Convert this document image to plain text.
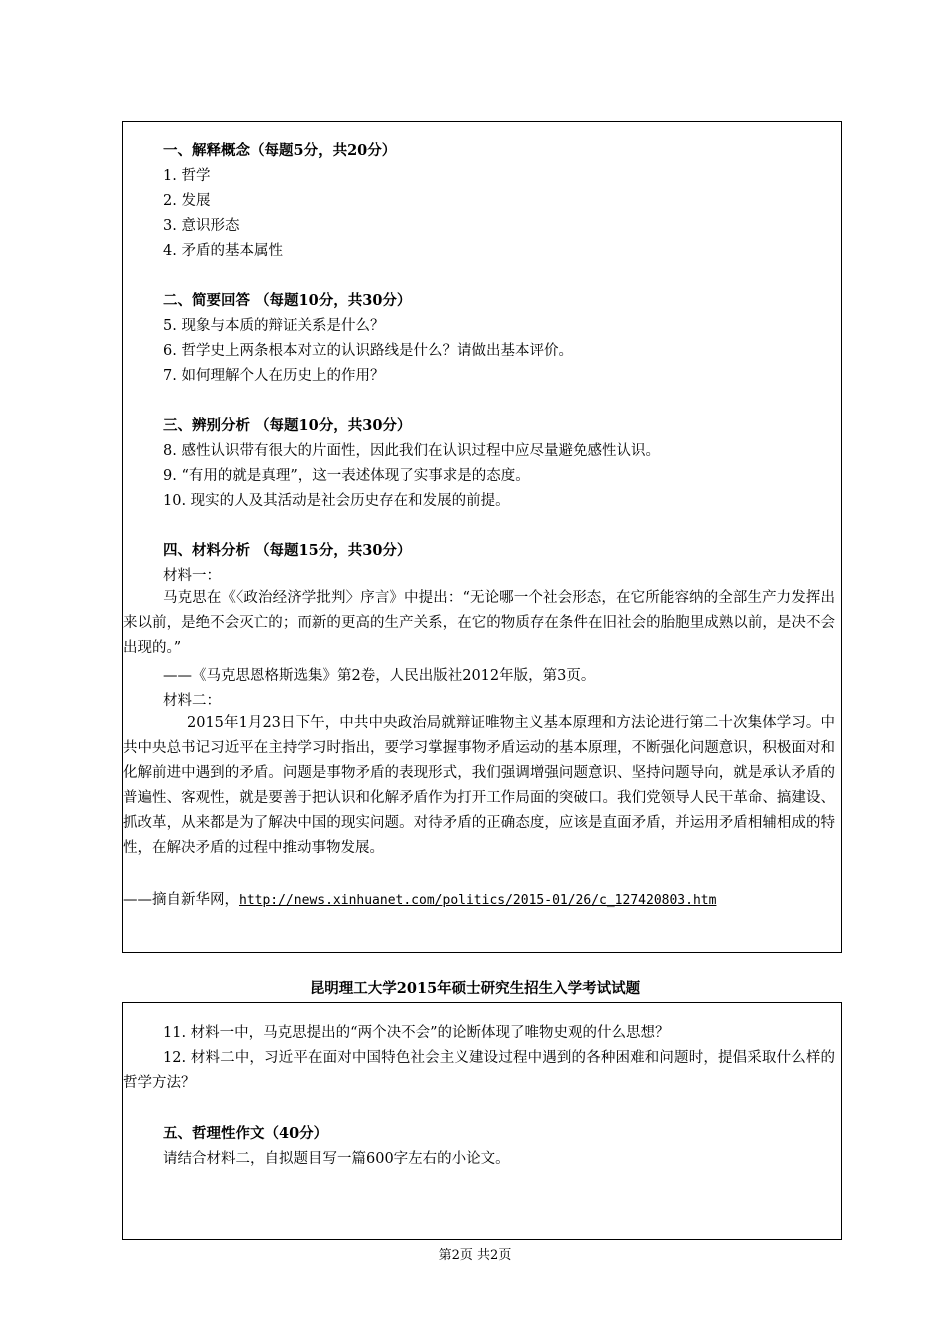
一、解释概念（每题5分，共20分）
1. 哲学
2. 发展
3. 意识形态
4. 矛盾的基本属性
二、简要回答 （每题10分，共30分）
5. 现象与本质的辩证关系是什么？
6. 哲学史上两条根本对立的认识路线是什么？请做出基本评价。
7. 如何理解个人在历史上的作用？
三、辨别分析 （每题10分，共30分）
8. 感性认识带有很大的片面性，因此我们在认识过程中应尽量避免感性认识。
9. “有用的就是真理”，这一表述体现了实事求是的态度。
10. 现实的人及其活动是社会历史存在和发展的前提。
四、材料分析 （每题15分，共30分）
材料一：

马克思在《〈政治经济学批判〉序言》中提出：“无论哪一个社会形态，在它所能容纳的全部生产力发挥出来以前，是绝不会灭亡的；而新的更高的生产关系，在它的物质存在条件在旧社会的胎胞里成熟以前，是决不会出现的。”

——《马克思恩格斯选集》第2卷，人民出版社2012年版，第3页。
材料二：

2015年1月23日下午，中共中央政治局就辩证唯物主义基本原理和方法论进行第二十次集体学习。中共中央总书记习近平在主持学习时指出，要学习掌握事物矛盾运动的基本原理，不断强化问题意识，积极面对和化解前进中遇到的矛盾。问题是事物矛盾的表现形式，我们强调增强问题意识、坚持问题导向，就是承认矛盾的普遍性、客观性，就是要善于把认识和化解矛盾作为打开工作局面的突破口。我们党领导人民干革命、搞建设、抓改革，从来都是为了解决中国的现实问题。对待矛盾的正确态度，应该是直面矛盾，并运用矛盾相辅相成的特性，在解决矛盾的过程中推动事物发展。

——摘自新华网，http://news.xinhuanet.com/politics/2015-01/26/c_127420803.htm
昆明理工大学2015年硕士研究生招生入学考试试题

11. 材料一中，马克思提出的“两个决不会”的论断体现了唯物史观的什么思想？

12. 材料二中，习近平在面对中国特色社会主义建设过程中遇到的各种困难和问题时，提倡采取什么样的哲学方法？

五、哲理性作文（40分）
请结合材料二，自拟题目写一篇600字左右的小论文。
第2页 共2页
